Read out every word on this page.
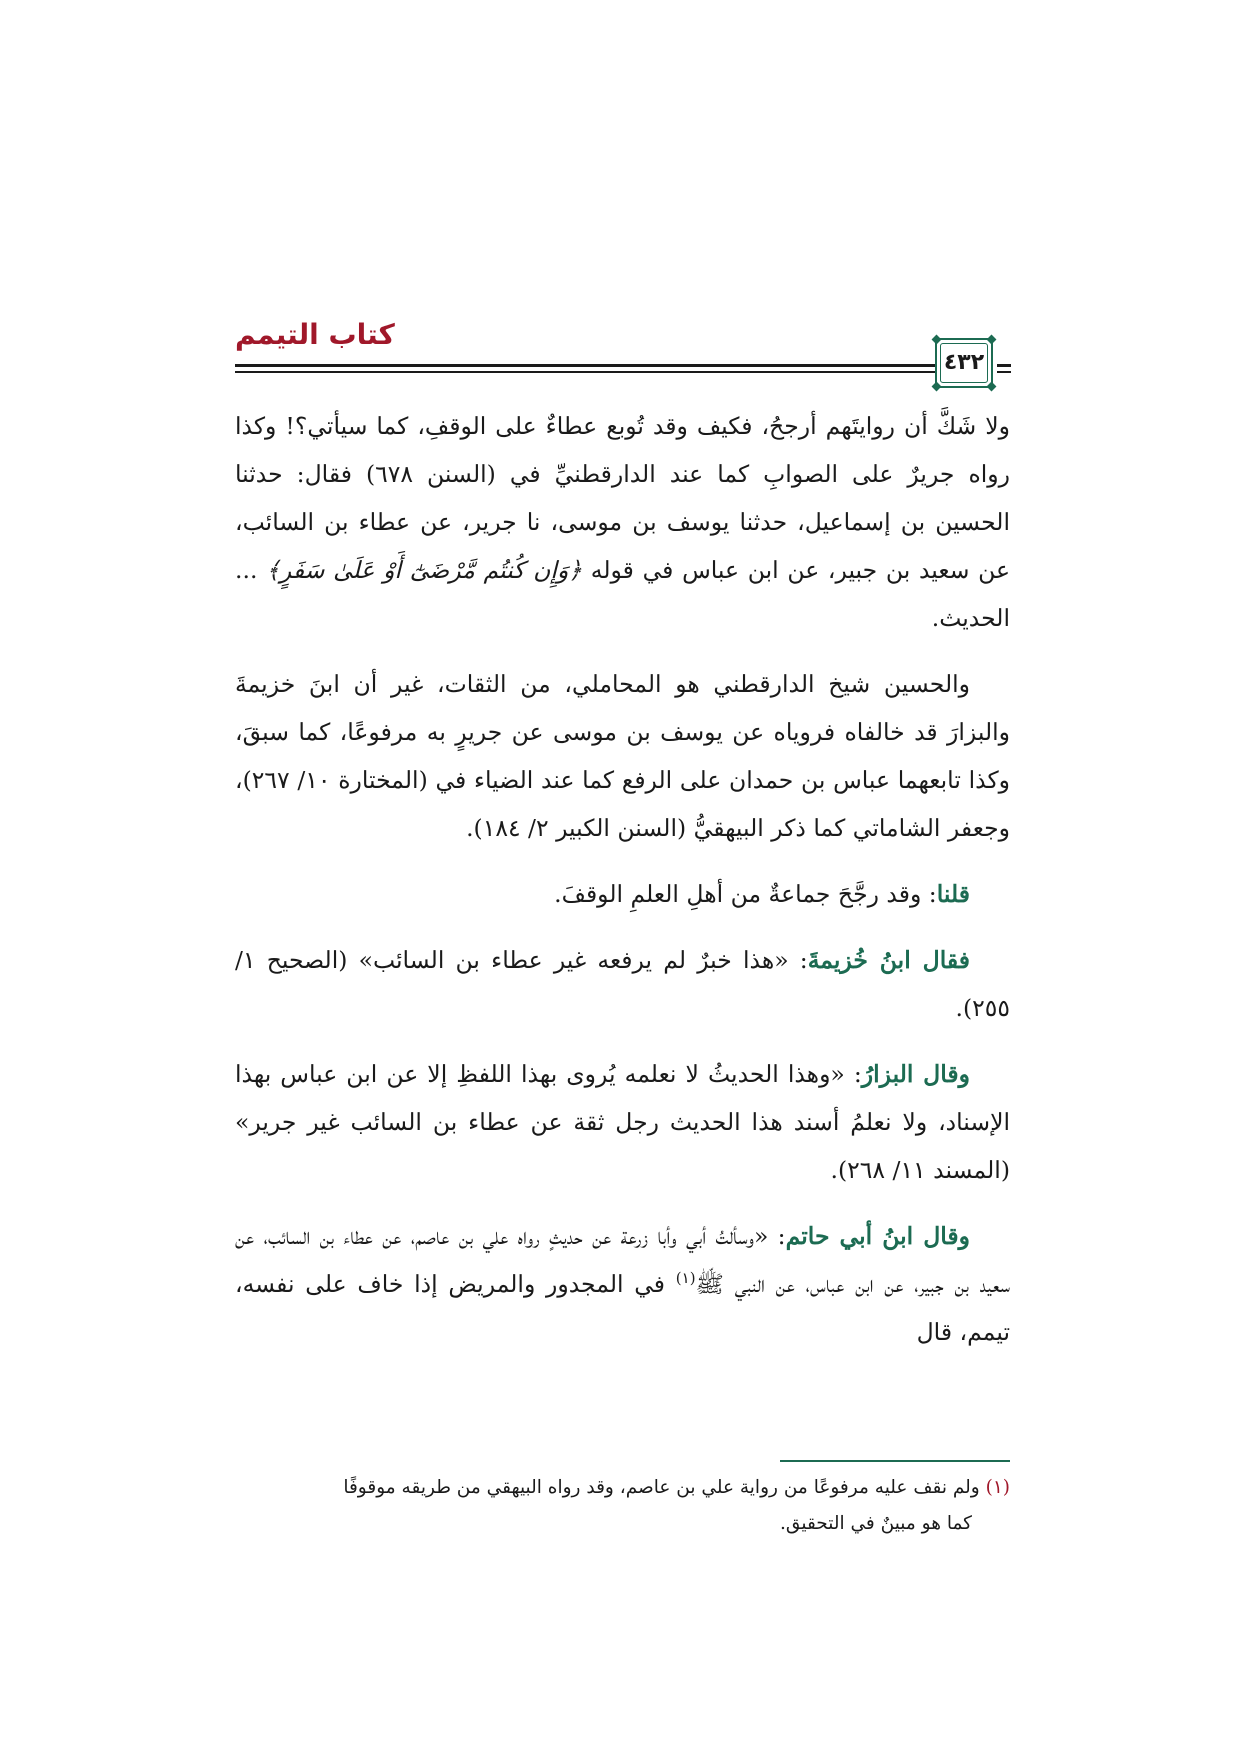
كتاب التيمم
٤٣٢

ولا شَكَّ أن روايتَهم أرجحُ، فكيف وقد تُوبع عطاءٌ على الوقفِ، كما سيأتي؟! وكذا رواه جريرٌ على الصوابِ كما عند الدارقطنيِّ في (السنن ٦٧٨) فقال: حدثنا الحسين بن إسماعيل، حدثنا يوسف بن موسى، نا جرير، عن عطاء بن السائب، عن سعيد بن جبير، عن ابن عباس في قوله ﴿وَإِن كُنتُم مَّرْضَىٰٓ أَوْ عَلَىٰ سَفَرٍ﴾ ... الحديث.

والحسين شيخ الدارقطني هو المحاملي، من الثقات، غير أن ابنَ خزيمةَ والبزارَ قد خالفاه فروياه عن يوسف بن موسى عن جريرٍ به مرفوعًا، كما سبقَ، وكذا تابعهما عباس بن حمدان على الرفع كما عند الضياء في (المختارة ١٠/ ٢٦٧)، وجعفر الشاماتي كما ذكر البيهقيُّ (السنن الكبير ٢/ ١٨٤).

قلنا: وقد رجَّحَ جماعةٌ من أهلِ العلمِ الوقفَ.

فقال ابنُ خُزيمةَ: «هذا خبرٌ لم يرفعه غير عطاء بن السائب» (الصحيح ١/ ٢٥٥).

وقال البزارُ: «وهذا الحديثُ لا نعلمه يُروى بهذا اللفظِ إلا عن ابن عباس بهذا الإسناد، ولا نعلمُ أسند هذا الحديث رجل ثقة عن عطاء بن السائب غير جرير» (المسند ١١/ ٢٦٨).

وقال ابنُ أبي حاتم: «وسألتُ أبي وأبا زرعة عن حديثٍ رواه علي بن عاصم، عن عطاء بن السائب، عن سعيد بن جبير، عن ابن عباس، عن النبي ﷺ$^{(١)}$ في المجدور والمريض إذا خاف على نفسه، تيمم، قال

(١) ولم نقف عليه مرفوعًا من رواية علي بن عاصم، وقد رواه البيهقي من طريقه موقوفًا
كما هو مبينٌ في التحقيق.
